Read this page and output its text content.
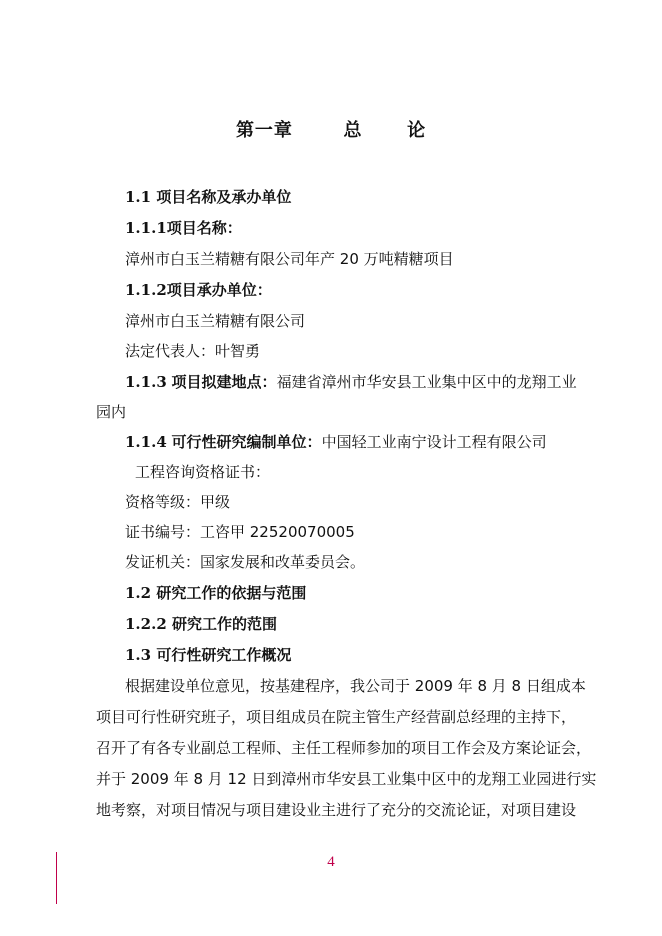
第一章	总 论
1.1 项目名称及承办单位
1.1.1项目名称：
漳州市白玉兰精糖有限公司年产 20 万吨精糖项目
1.1.2项目承办单位：
漳州市白玉兰精糖有限公司
法定代表人：叶智勇
1.1.3 项目拟建地点：福建省漳州市华安县工业集中区中的龙翔工业
园内
1.1.4 可行性研究编制单位：中国轻工业南宁设计工程有限公司
工程咨询资格证书：
资格等级：甲级
证书编号：工咨甲 22520070005
发证机关：国家发展和改革委员会。
1.2 研究工作的依据与范围
1.2.2 研究工作的范围
1.3 可行性研究工作概况
根据建设单位意见，按基建程序，我公司于 2009 年 8 月 8 日组成本
项目可行性研究班子，项目组成员在院主管生产经营副总经理的主持下，
召开了有各专业副总工程师、主任工程师参加的项目工作会及方案论证会，
并于 2009 年 8 月 12 日到漳州市华安县工业集中区中的龙翔工业园进行实
地考察，对项目情况与项目建设业主进行了充分的交流论证，对项目建设
4
